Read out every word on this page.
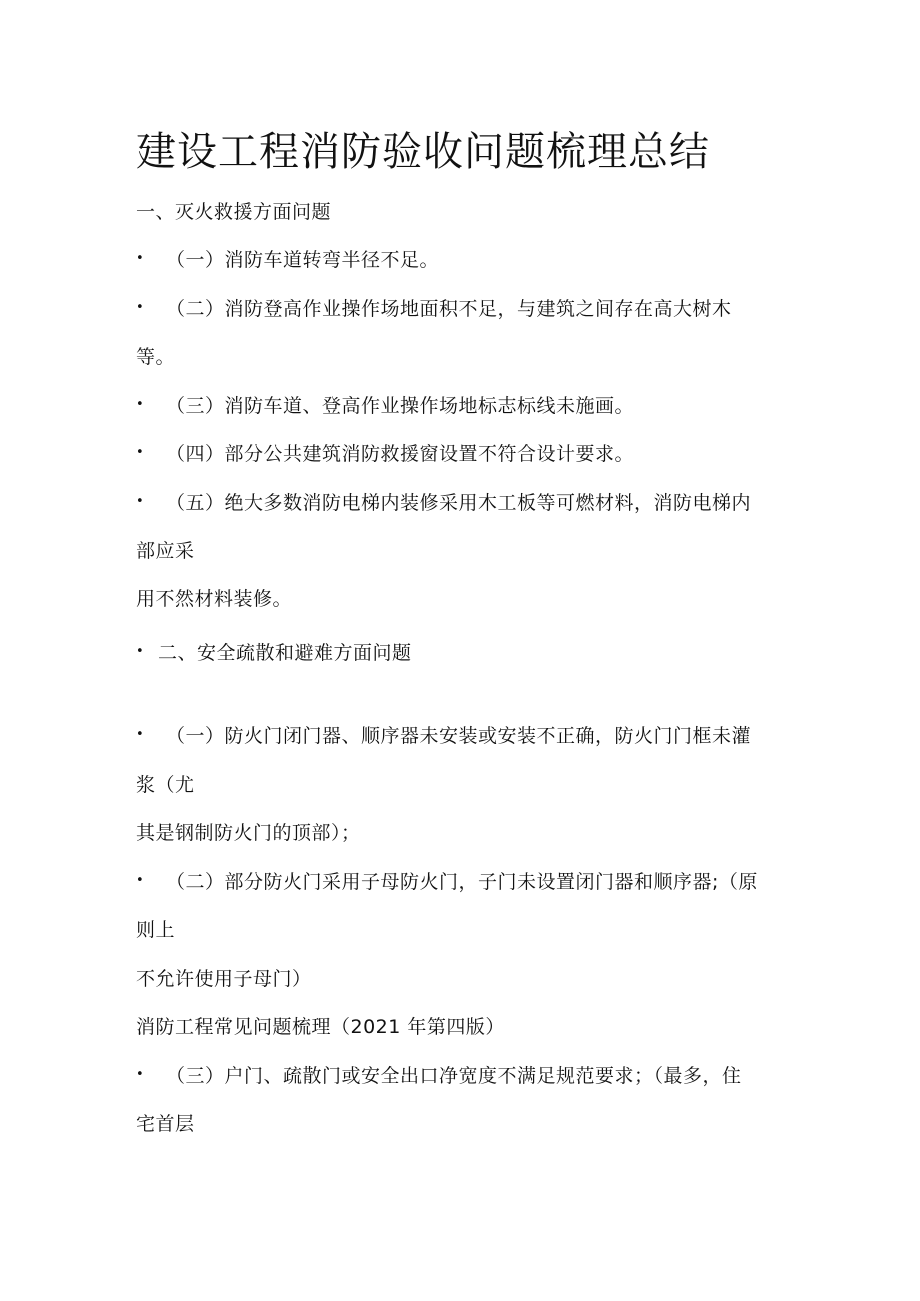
建设工程消防验收问题梳理总结
一、灭火救援方面问题
• （一）消防车道转弯半径不足。
• （二）消防登高作业操作场地面积不足，与建筑之间存在高大树木
等。
• （三）消防车道、登高作业操作场地标志标线未施画。
• （四）部分公共建筑消防救援窗设置不符合设计要求。
• （五）绝大多数消防电梯内装修采用木工板等可燃材料，消防电梯内
部应采
用不然材料装修。
• 二、安全疏散和避难方面问题
• （一）防火门闭门器、顺序器未安装或安装不正确，防火门门框未灌
浆（尤
其是钢制防火门的顶部）；
• （二）部分防火门采用子母防火门，子门未设置闭门器和顺序器;（原
则上
不允许使用子母门）
消防工程常见问题梳理（2021 年第四版）
• （三）户门、疏散门或安全出口净宽度不满足规范要求；（最多，住
宅首层
